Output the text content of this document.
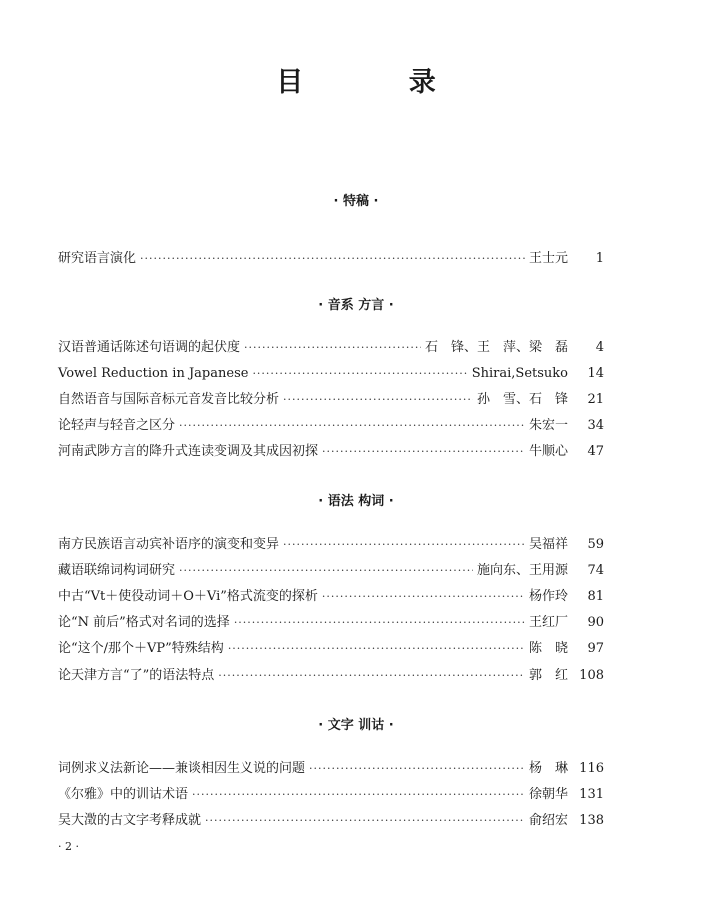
目 录
· 特稿 ·
研究语言演化 ·····	王士元	1
· 音系 方言 ·
汉语普通话陈述句语调的起伏度 ·····	石　锋、王　萍、梁　磊	4
Vowel Reduction in Japanese ·····	Shirai,Setsuko	14
自然语音与国际音标元音发音比较分析 ·····	孙　雪、石　锋	21
论轻声与轻音之区分 ·····	朱宏一	34
河南武陟方言的降升式连读变调及其成因初探 ·····	牛顺心	47
· 语法 构词 ·
南方民族语言动宾补语序的演变和变异 ·····	吴福祥	59
藏语联绵词构词研究 ·····	施向东、王用源	74
中古“Vt＋使役动词＋O＋Vi”格式流变的探析 ·····	杨作玲	81
论“N 前后”格式对名词的选择 ·····	王红厂	90
论“这个/那个＋VP”特殊结构 ·····	陈　晓	97
论天津方言“了”的语法特点 ·····	郭　红 108
· 文字 训诂 ·
词例求义法新论——兼谈相因生义说的问题 ·····	杨　琳 116
《尔雅》中的训诂术语 ·····	徐朝华 131
吴大澂的古文字考释成就 ·····	俞绍宏 138
· 2 ·
